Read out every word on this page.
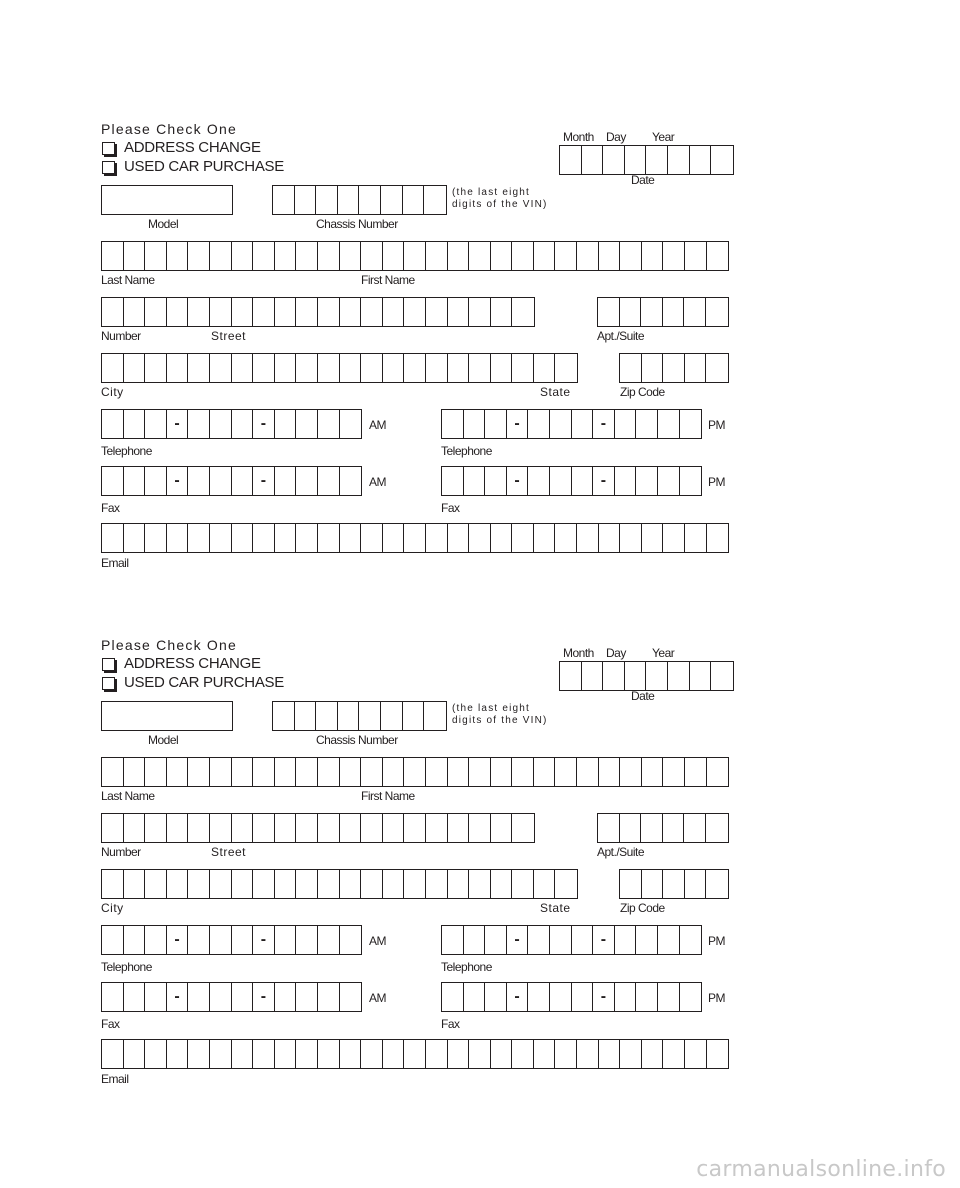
Please Check One
ADDRESS CHANGE
USED CAR PURCHASE
Month Day Year
Date
Model	Chassis Number
(the last eight
digits of the VIN)
Last Name	First Name
Number	Street	Apt./Suite
City	State	Zip Code
-	-	AM
Telephone
-	-	PM
Telephone
-	-	AM
Fax
-	-	PM
Fax
Email
Please Check One
ADDRESS CHANGE
USED CAR PURCHASE
Month Day Year
Date
Model	Chassis Number
(the last eight
digits of the VIN)
Last Name	First Name
Number	Street	Apt./Suite
City	State	Zip Code
-	-	AM
Telephone
-	-	PM
Telephone
-	-	AM
Fax
-	-	PM
Fax
Email
carmanualsonline.info
